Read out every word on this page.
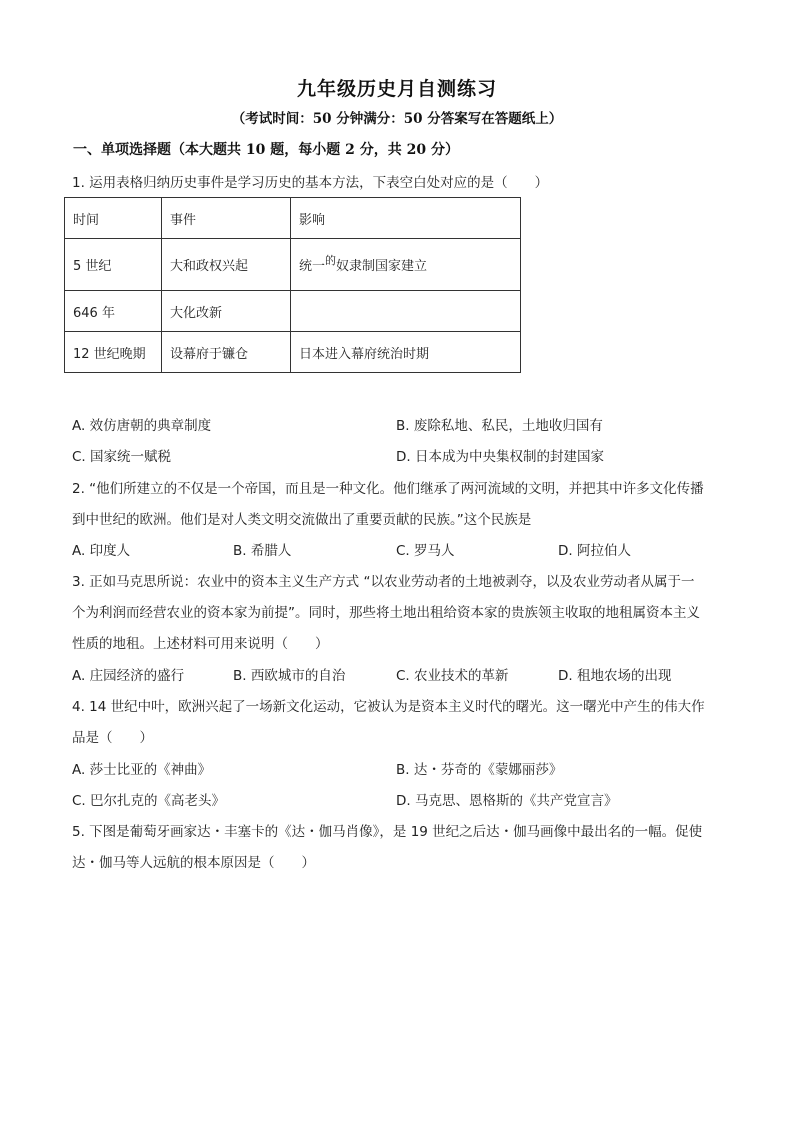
九年级历史月自测练习
（考试时间：50 分钟满分：50 分答案写在答题纸上）
一、单项选择题（本大题共 10 题，每小题 2 分，共 20 分）
1. 运用表格归纳历史事件是学习历史的基本方法，下表空白处对应的是（　　）
时间	事件	影响
5 世纪	大和政权兴起	统一$^的$奴隶制国家建立
646 年	大化改新	
12 世纪晚期	设幕府于镰仓	日本进入幕府统治时期
A. 效仿唐朝的典章制度	B. 废除私地、私民，土地收归国有
C. 国家统一赋税	D. 日本成为中央集权制的封建国家
2. “他们所建立的不仅是一个帝国，而且是一种文化。他们继承了两河流域的文明，并把其中许多文化传播
到中世纪的欧洲。他们是对人类文明交流做出了重要贡献的民族。”这个民族是
A. 印度人	B. 希腊人	C. 罗马人	D. 阿拉伯人
3. 正如马克思所说：农业中的资本主义生产方式 “以农业劳动者的土地被剥夺，以及农业劳动者从属于一
个为利润而经营农业的资本家为前提”。同时，那些将土地出租给资本家的贵族领主收取的地租属资本主义
性质的地租。上述材料可用来说明（　　）
A. 庄园经济的盛行	B. 西欧城市的自治	C. 农业技术的革新	D. 租地农场的出现
4. 14 世纪中叶，欧洲兴起了一场新文化运动，它被认为是资本主义时代的曙光。这一曙光中产生的伟大作
品是（　　）
A. 莎士比亚的《神曲》	B. 达・芬奇的《蒙娜丽莎》
C. 巴尔扎克的《高老头》	D. 马克思、恩格斯的《共产党宣言》
5. 下图是葡萄牙画家达・丰塞卡的《达・伽马肖像》，是 19 世纪之后达・伽马画像中最出名的一幅。促使
达・伽马等人远航的根本原因是（　　）
